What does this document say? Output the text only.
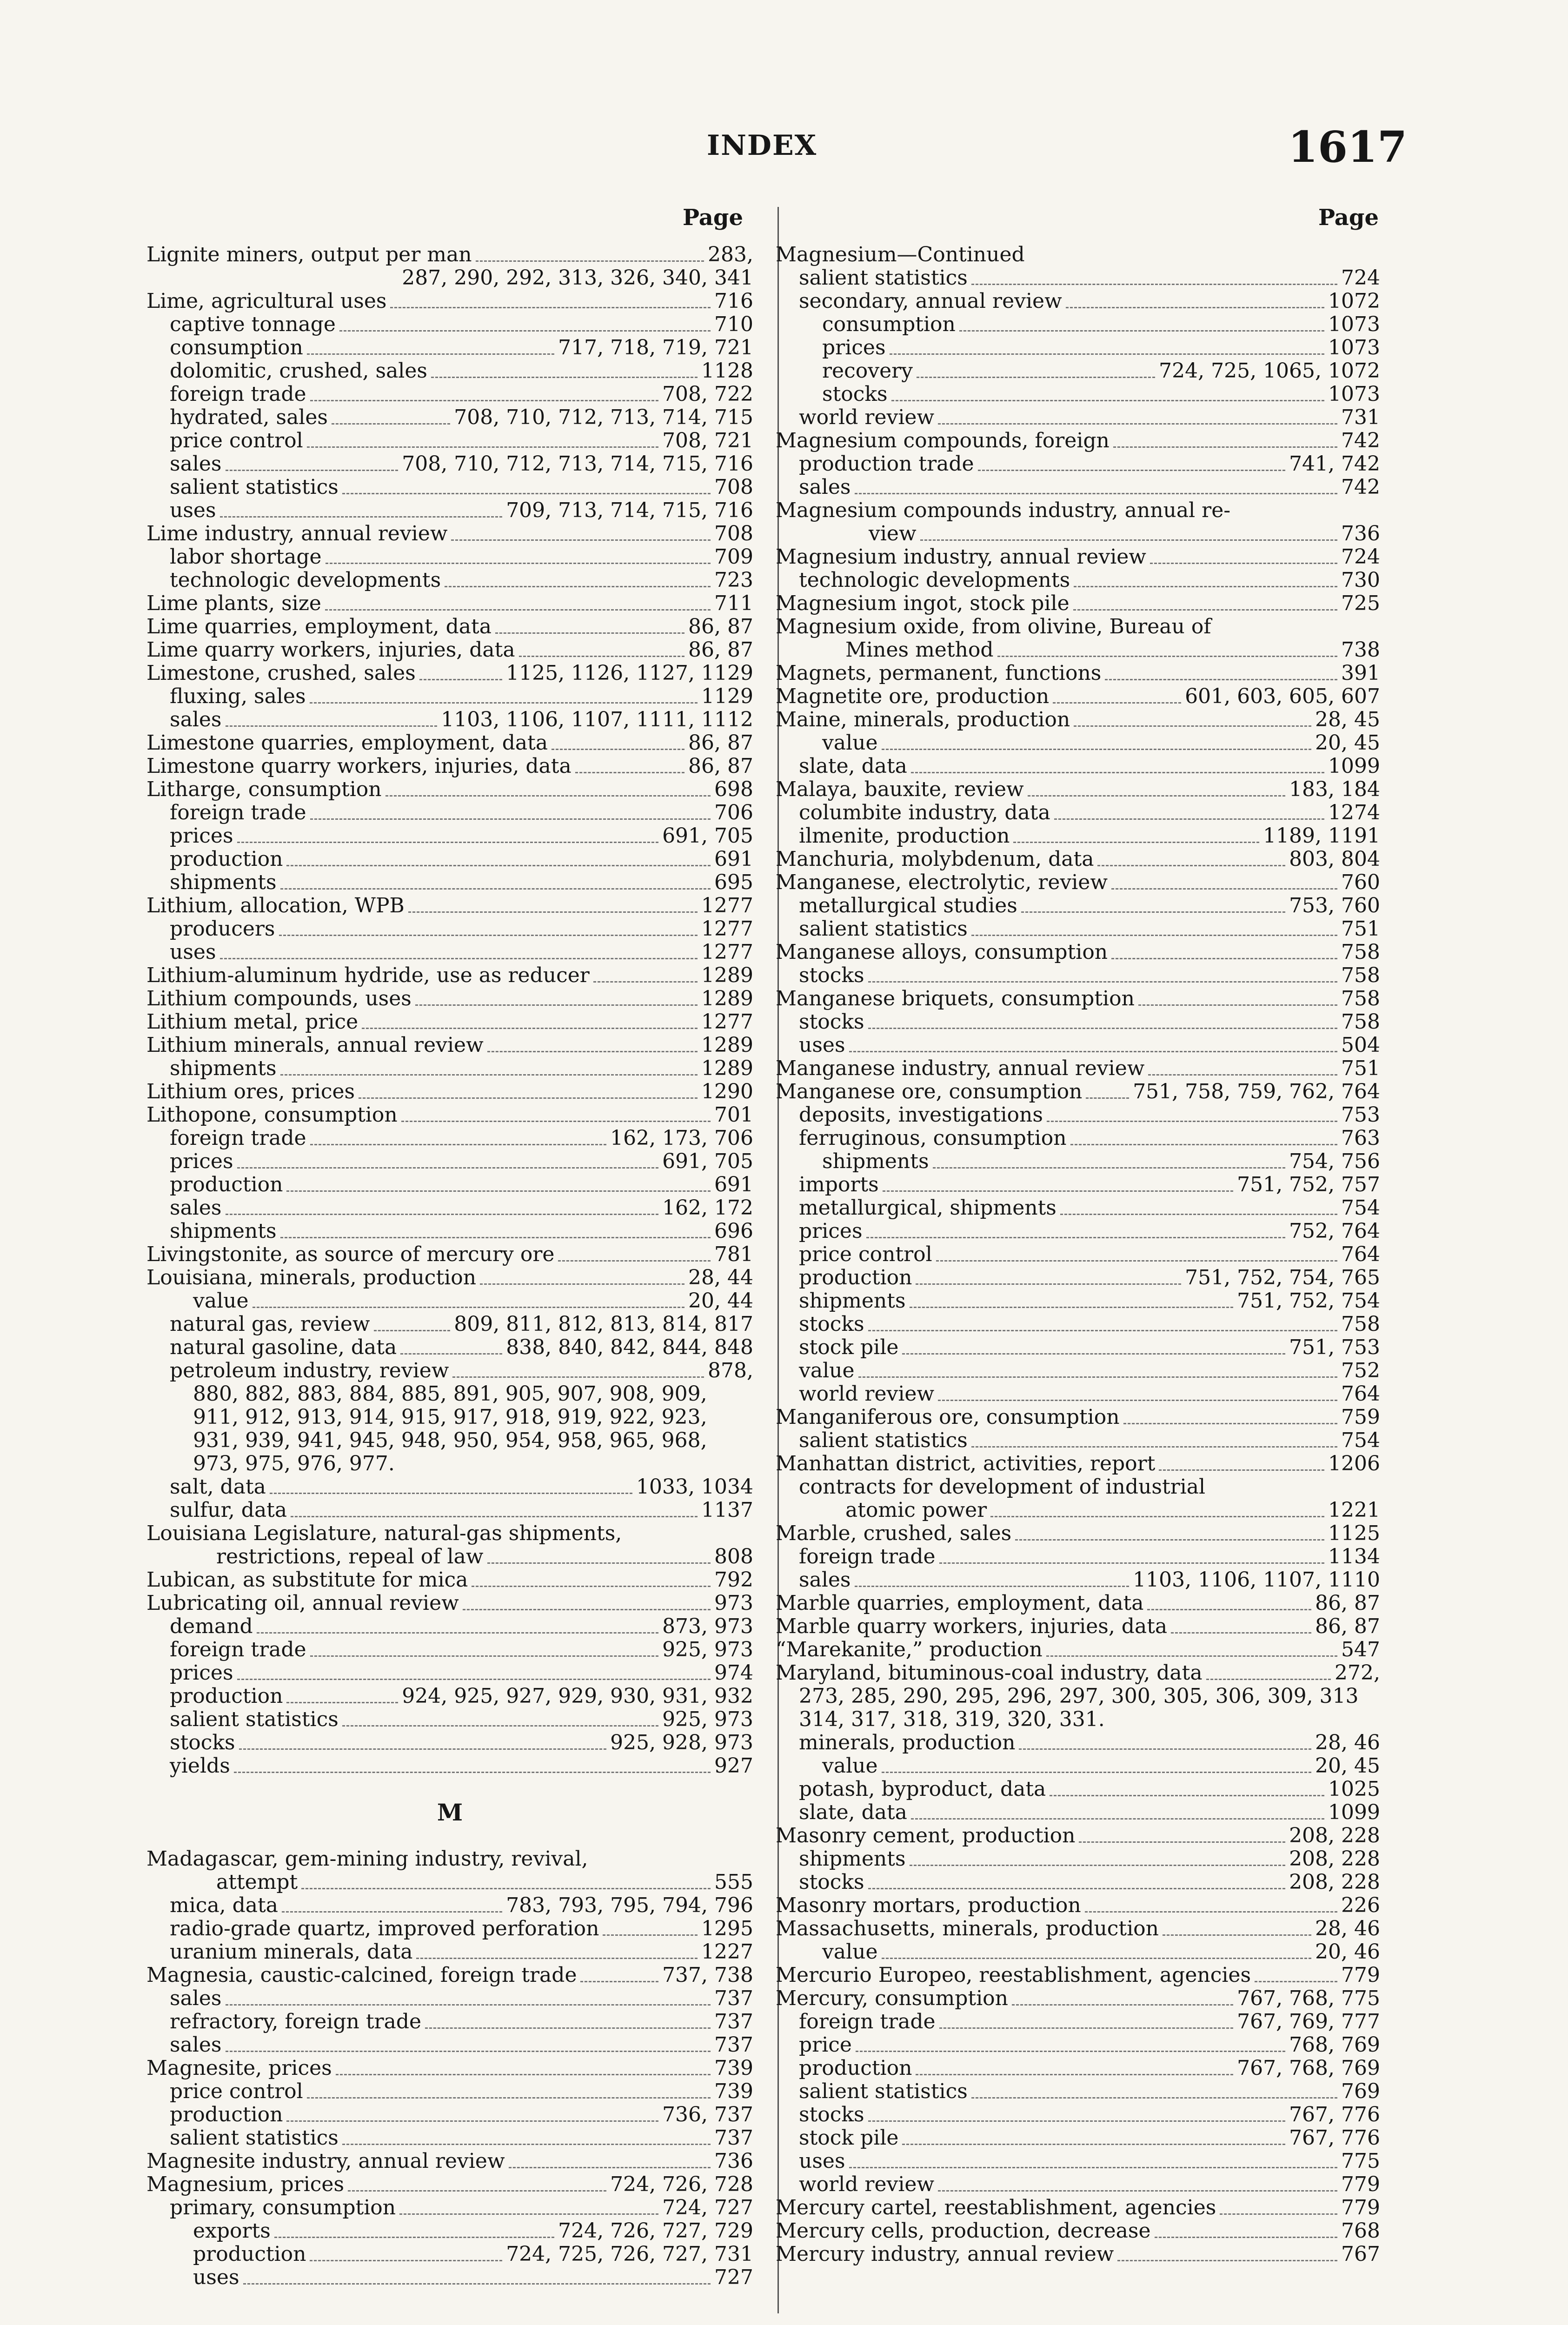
INDEX	1617
Page	Page
Lignite miners, output per man	283,
287, 290, 292, 313, 326, 340, 341
Lime, agricultural uses	716
captive tonnage	710
consumption	717, 718, 719, 721
dolomitic, crushed, sales	1128
foreign trade	708, 722
hydrated, sales	708, 710, 712, 713, 714, 715
price control	708, 721
sales	708, 710, 712, 713, 714, 715, 716
salient statistics	708
uses	709, 713, 714, 715, 716
Lime industry, annual review	708
labor shortage	709
technologic developments	723
Lime plants, size	711
Lime quarries, employment, data	86, 87
Lime quarry workers, injuries, data	86, 87
Limestone, crushed, sales	1125, 1126, 1127, 1129
fluxing, sales	1129
sales	1103, 1106, 1107, 1111, 1112
Limestone quarries, employment, data	86, 87
Limestone quarry workers, injuries, data	86, 87
Litharge, consumption	698
foreign trade	706
prices	691, 705
production	691
shipments	695
Lithium, allocation, WPB	1277
producers	1277
uses	1277
Lithium-aluminum hydride, use as reducer	1289
Lithium compounds, uses	1289
Lithium metal, price	1277
Lithium minerals, annual review	1289
shipments	1289
Lithium ores, prices	1290
Lithopone, consumption	701
foreign trade	162, 173, 706
prices	691, 705
production	691
sales	162, 172
shipments	696
Livingstonite, as source of mercury ore	781
Louisiana, minerals, production	28, 44
value	20, 44
natural gas, review	809, 811, 812, 813, 814, 817
natural gasoline, data	838, 840, 842, 844, 848
petroleum industry, review	878,
880, 882, 883, 884, 885, 891, 905, 907, 908, 909,
911, 912, 913, 914, 915, 917, 918, 919, 922, 923,
931, 939, 941, 945, 948, 950, 954, 958, 965, 968,
973, 975, 976, 977.
salt, data	1033, 1034
sulfur, data	1137
Louisiana Legislature, natural-gas shipments,
restrictions, repeal of law	808
Lubican, as substitute for mica	792
Lubricating oil, annual review	973
demand	873, 973
foreign trade	925, 973
prices	974
production	924, 925, 927, 929, 930, 931, 932
salient statistics	925, 973
stocks	925, 928, 973
yields	927
M
Madagascar, gem-mining industry, revival,
attempt	555
mica, data	783, 793, 795, 794, 796
radio-grade quartz, improved perforation	1295
uranium minerals, data	1227
Magnesia, caustic-calcined, foreign trade	737, 738
sales	737
refractory, foreign trade	737
sales	737
Magnesite, prices	739
price control	739
production	736, 737
salient statistics	737
Magnesite industry, annual review	736
Magnesium, prices	724, 726, 728
primary, consumption	724, 727
exports	724, 726, 727, 729
production	724, 725, 726, 727, 731
uses	727
Magnesium—Continued
salient statistics	724
secondary, annual review	1072
consumption	1073
prices	1073
recovery	724, 725, 1065, 1072
stocks	1073
world review	731
Magnesium compounds, foreign	742
production trade	741, 742
sales	742
Magnesium compounds industry, annual re-
view	736
Magnesium industry, annual review	724
technologic developments	730
Magnesium ingot, stock pile	725
Magnesium oxide, from olivine, Bureau of
Mines method	738
Magnets, permanent, functions	391
Magnetite ore, production	601, 603, 605, 607
Maine, minerals, production	28, 45
value	20, 45
slate, data	1099
Malaya, bauxite, review	183, 184
columbite industry, data	1274
ilmenite, production	1189, 1191
Manchuria, molybdenum, data	803, 804
Manganese, electrolytic, review	760
metallurgical studies	753, 760
salient statistics	751
Manganese alloys, consumption	758
stocks	758
Manganese briquets, consumption	758
stocks	758
uses	504
Manganese industry, annual review	751
Manganese ore, consumption 751, 758, 759, 762, 764
deposits, investigations	753
ferruginous, consumption	763
shipments	754, 756
imports	751, 752, 757
metallurgical, shipments	754
prices	752, 764
price control	764
production	751, 752, 754, 765
shipments	751, 752, 754
stocks	758
stock pile	751, 753
value	752
world review	764
Manganiferous ore, consumption	759
salient statistics	754
Manhattan district, activities, report	1206
contracts for development of industrial
atomic power	1221
Marble, crushed, sales	1125
foreign trade	1134
sales	1103, 1106, 1107, 1110
Marble quarries, employment, data	86, 87
Marble quarry workers, injuries, data	86, 87
“Marekanite,” production	547
Maryland, bituminous-coal industry, data	272,
273, 285, 290, 295, 296, 297, 300, 305, 306, 309, 313
314, 317, 318, 319, 320, 331.
minerals, production	28, 46
value	20, 45
potash, byproduct, data	1025
slate, data	1099
Masonry cement, production	208, 228
shipments	208, 228
stocks	208, 228
Masonry mortars, production	226
Massachusetts, minerals, production	28, 46
value	20, 46
Mercurio Europeo, reestablishment, agencies	779
Mercury, consumption	767, 768, 775
foreign trade	767, 769, 777
price	768, 769
production	767, 768, 769
salient statistics	769
stocks	767, 776
stock pile	767, 776
uses	775
world review	779
Mercury cartel, reestablishment, agencies	779
Mercury cells, production, decrease	768
Mercury industry, annual review	767
